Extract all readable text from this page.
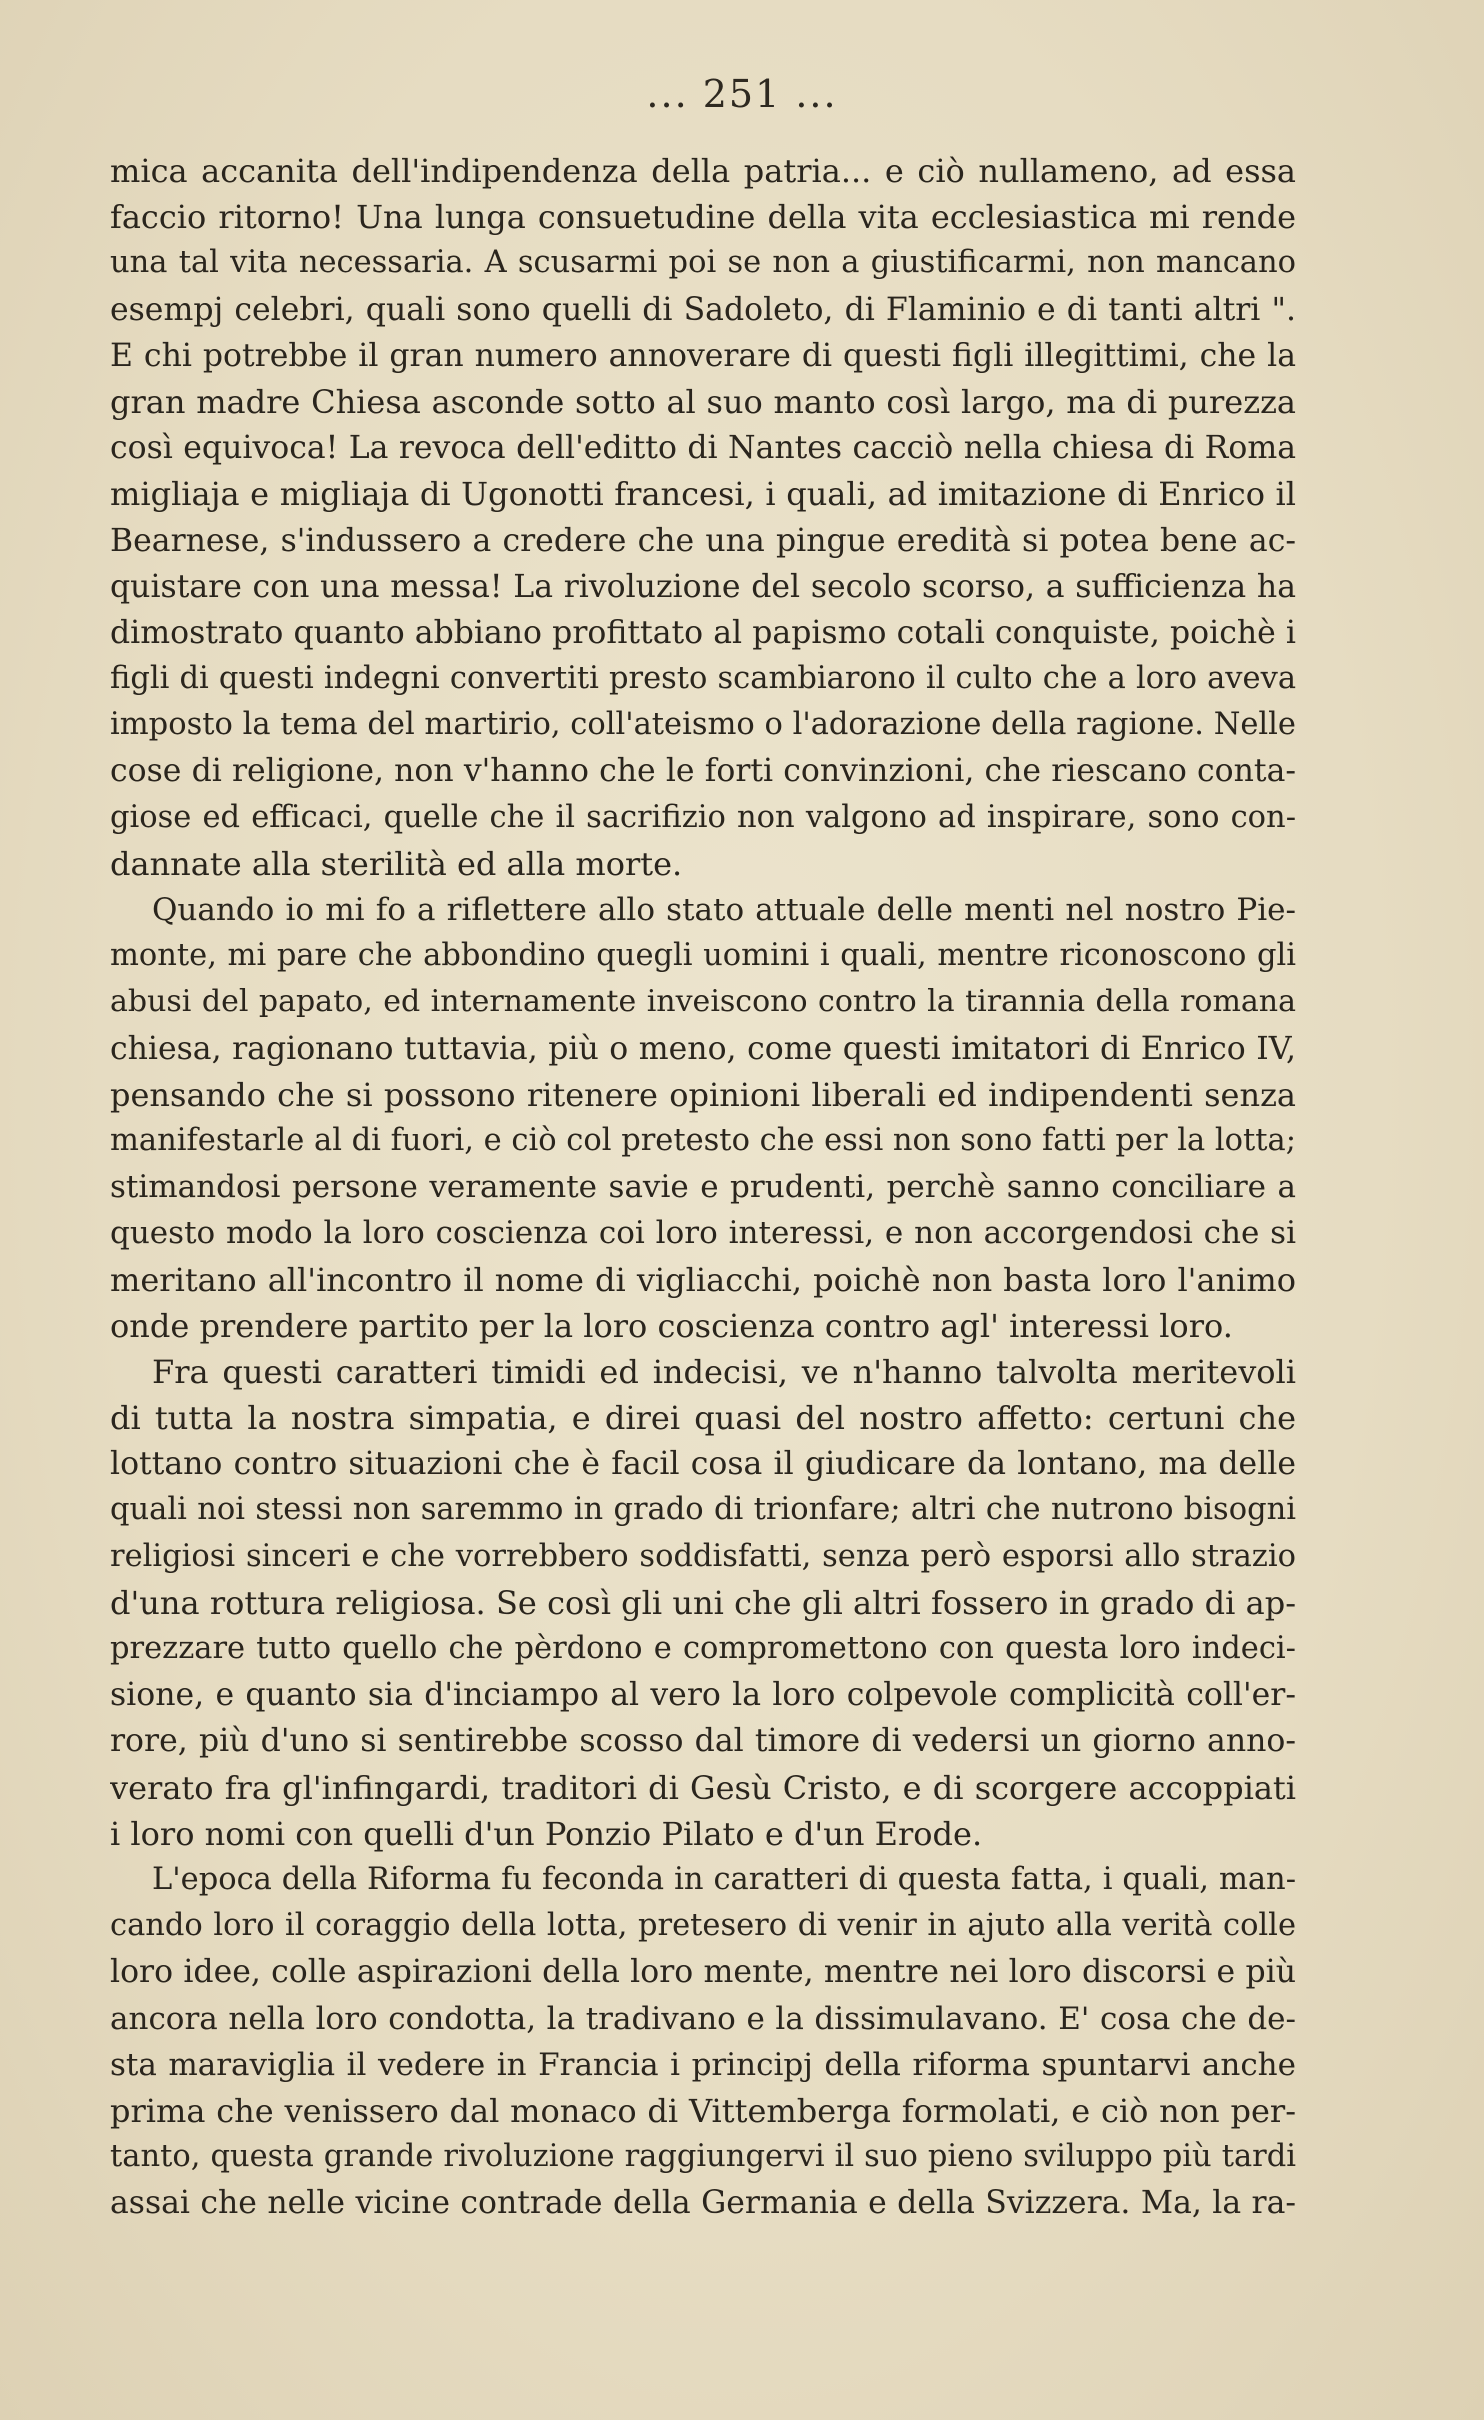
... 251 ...
mica accanita dell'indipendenza della patria... e ciò nullameno, ad essa
faccio ritorno! Una lunga consuetudine della vita ecclesiastica mi rende
una tal vita necessaria. A scusarmi poi se non a giustificarmi, non mancano
esempj celebri, quali sono quelli di Sadoleto, di Flaminio e di tanti altri ".
E chi potrebbe il gran numero annoverare di questi figli illegittimi, che la
gran madre Chiesa asconde sotto al suo manto così largo, ma di purezza
così equivoca! La revoca dell'editto di Nantes cacciò nella chiesa di Roma
migliaja e migliaja di Ugonotti francesi, i quali, ad imitazione di Enrico il
Bearnese, s'indussero a credere che una pingue eredità si potea bene ac-
quistare con una messa! La rivoluzione del secolo scorso, a sufficienza ha
dimostrato quanto abbiano profittato al papismo cotali conquiste, poichè i
figli di questi indegni convertiti presto scambiarono il culto che a loro aveva
imposto la tema del martirio, coll'ateismo o l'adorazione della ragione. Nelle
cose di religione, non v'hanno che le forti convinzioni, che riescano conta-
giose ed efficaci, quelle che il sacrifizio non valgono ad inspirare, sono con-
dannate alla sterilità ed alla morte.
Quando io mi fo a riflettere allo stato attuale delle menti nel nostro Pie-
monte, mi pare che abbondino quegli uomini i quali, mentre riconoscono gli
abusi del papato, ed internamente inveiscono contro la tirannia della romana
chiesa, ragionano tuttavia, più o meno, come questi imitatori di Enrico IV,
pensando che si possono ritenere opinioni liberali ed indipendenti senza
manifestarle al di fuori, e ciò col pretesto che essi non sono fatti per la lotta;
stimandosi persone veramente savie e prudenti, perchè sanno conciliare a
questo modo la loro coscienza coi loro interessi, e non accorgendosi che si
meritano all'incontro il nome di vigliacchi, poichè non basta loro l'animo
onde prendere partito per la loro coscienza contro agl' interessi loro.
Fra questi caratteri timidi ed indecisi, ve n'hanno talvolta meritevoli
di tutta la nostra simpatia, e direi quasi del nostro affetto: certuni che
lottano contro situazioni che è facil cosa il giudicare da lontano, ma delle
quali noi stessi non saremmo in grado di trionfare; altri che nutrono bisogni
religiosi sinceri e che vorrebbero soddisfatti, senza però esporsi allo strazio
d'una rottura religiosa. Se così gli uni che gli altri fossero in grado di ap-
prezzare tutto quello che pèrdono e compromettono con questa loro indeci-
sione, e quanto sia d'inciampo al vero la loro colpevole complicità coll'er-
rore, più d'uno si sentirebbe scosso dal timore di vedersi un giorno anno-
verato fra gl'infingardi, traditori di Gesù Cristo, e di scorgere accoppiati
i loro nomi con quelli d'un Ponzio Pilato e d'un Erode.
L'epoca della Riforma fu feconda in caratteri di questa fatta, i quali, man-
cando loro il coraggio della lotta, pretesero di venir in ajuto alla verità colle
loro idee, colle aspirazioni della loro mente, mentre nei loro discorsi e più
ancora nella loro condotta, la tradivano e la dissimulavano. E' cosa che de-
sta maraviglia il vedere in Francia i principj della riforma spuntarvi anche
prima che venissero dal monaco di Vittemberga formolati, e ciò non per-
tanto, questa grande rivoluzione raggiungervi il suo pieno sviluppo più tardi
assai che nelle vicine contrade della Germania e della Svizzera. Ma, la ra-
